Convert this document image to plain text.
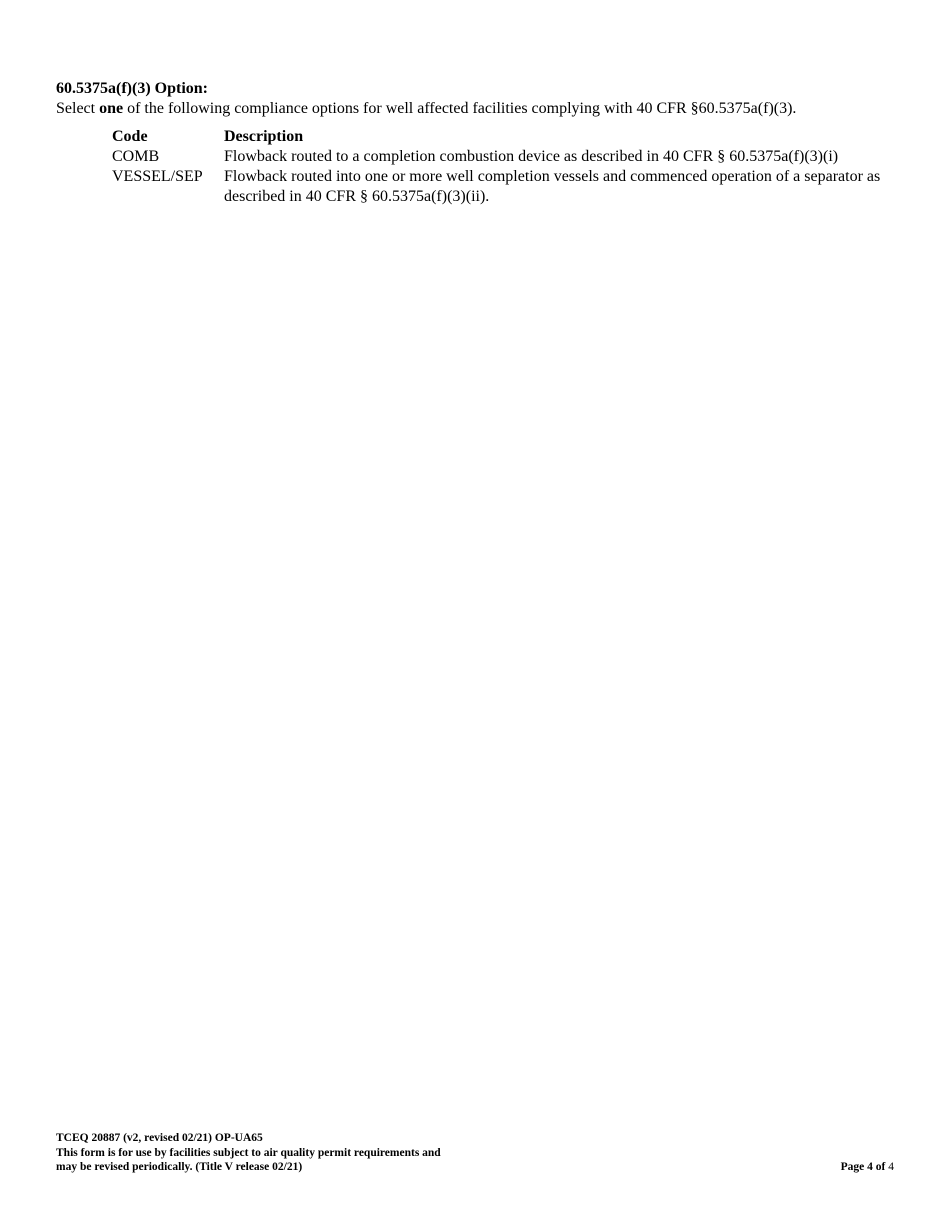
60.5375a(f)(3) Option:
Select one of the following compliance options for well affected facilities complying with 40 CFR §60.5375a(f)(3).
Code	Description
COMB	Flowback routed to a completion combustion device as described in 40 CFR § 60.5375a(f)(3)(i)
VESSEL/SEP	Flowback routed into one or more well completion vessels and commenced operation of a separator as described in 40 CFR § 60.5375a(f)(3)(ii).
TCEQ 20887 (v2, revised 02/21) OP-UA65
This form is for use by facilities subject to air quality permit requirements and
may be revised periodically. (Title V release 02/21)	Page 4 of 4
